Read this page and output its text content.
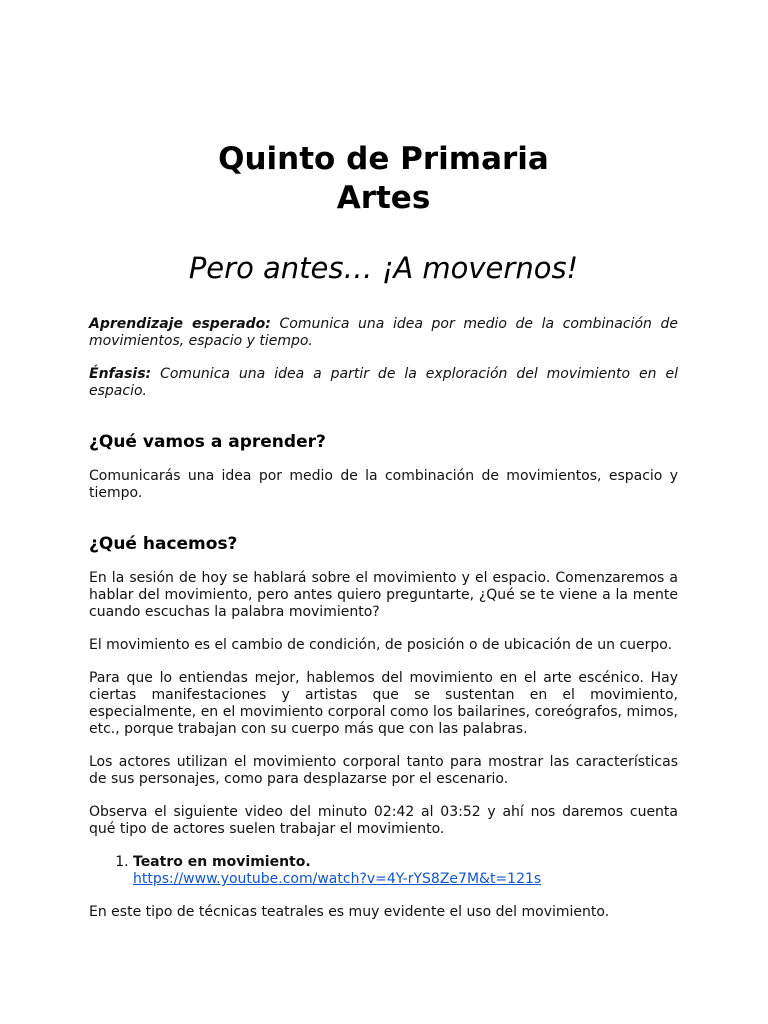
Quinto de Primaria
Artes
Pero antes… ¡A movernos!

Aprendizaje esperado: Comunica una idea por medio de la combinación de movimientos, espacio y tiempo.

Énfasis: Comunica una idea a partir de la exploración del movimiento en el espacio.

¿Qué vamos a aprender?

Comunicarás una idea por medio de la combinación de movimientos, espacio y tiempo.

¿Qué hacemos?

En la sesión de hoy se hablará sobre el movimiento y el espacio. Comenzaremos a hablar del movimiento, pero antes quiero preguntarte, ¿Qué se te viene a la mente cuando escuchas la palabra movimiento?

El movimiento es el cambio de condición, de posición o de ubicación de un cuerpo.

Para que lo entiendas mejor, hablemos del movimiento en el arte escénico. Hay ciertas manifestaciones y artistas que se sustentan en el movimiento, especialmente, en el movimiento corporal como los bailarines, coreógrafos, mimos, etc., porque trabajan con su cuerpo más que con las palabras.

Los actores utilizan el movimiento corporal tanto para mostrar las características de sus personajes, como para desplazarse por el escenario.

Observa el siguiente video del minuto 02:42 al 03:52 y ahí nos daremos cuenta qué tipo de actores suelen trabajar el movimiento.

1. Teatro en movimiento.
https://www.youtube.com/watch?v=4Y-rYS8Ze7M&t=121s

En este tipo de técnicas teatrales es muy evidente el uso del movimiento.
